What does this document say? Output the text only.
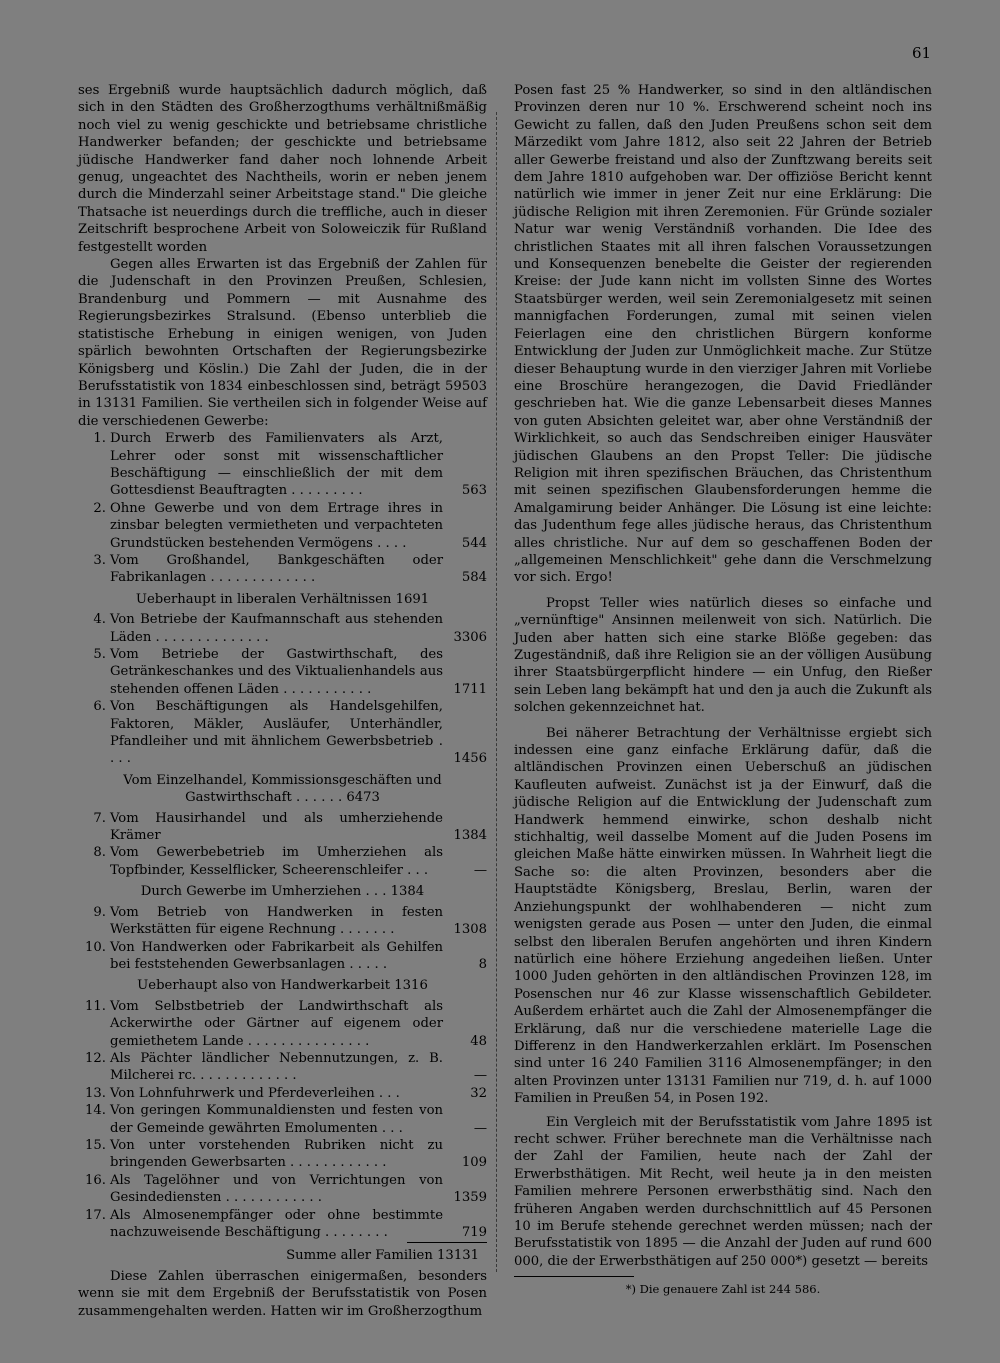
61

ses Ergebniß wurde hauptsächlich dadurch möglich, daß sich in den Städten des Großherzogthums verhältnißmäßig noch viel zu wenig geschickte und betriebsame christliche Handwerker befanden; der geschickte und betriebsame jüdische Handwerker fand daher noch lohnende Arbeit genug, ungeachtet des Nachtheils, worin er neben jenem durch die Minderzahl seiner Arbeitstage stand." Die gleiche Thatsache ist neuerdings durch die treffliche, auch in dieser Zeitschrift besprochene Arbeit von Soloweiczik für Rußland festgestellt worden

Gegen alles Erwarten ist das Ergebniß der Zahlen für die Judenschaft in den Provinzen Preußen, Schlesien, Brandenburg und Pommern — mit Ausnahme des Regierungsbezirkes Stralsund. (Ebenso unterblieb die statistische Erhebung in einigen wenigen, von Juden spärlich bewohnten Ortschaften der Regierungsbezirke Königsberg und Köslin.) Die Zahl der Juden, die in der Berufsstatistik von 1834 einbeschlossen sind, beträgt 59503 in 13131 Familien. Sie vertheilen sich in folgender Weise auf die verschiedenen Gewerbe:

1. Durch Erwerb des Familienvaters als Arzt, Lehrer oder sonst mit wissenschaftlicher Beschäftigung — einschließlich der mit dem Gottesdienst Beauftragten . . . . . . . . .	563
2. Ohne Gewerbe und von dem Ertrage ihres in zinsbar belegten vermietheten und verpachteten Grundstücken bestehenden Vermögens . . . .	544
3. Vom Großhandel, Bankgeschäften oder Fabrikanlagen . . . . . . . . . . . . .	584
Ueberhaupt in liberalen Verhältnissen 1691
4. Von Betriebe der Kaufmannschaft aus stehenden Läden . . . . . . . . . . . . . .	3306
5. Vom Betriebe der Gastwirthschaft, des Getränkeschankes und des Viktualienhandels aus stehenden offenen Läden . . . . . . . . . . .	1711
6. Von Beschäftigungen als Handelsgehilfen, Faktoren, Mäkler, Ausläufer, Unterhändler, Pfandleiher und mit ähnlichem Gewerbsbetrieb . . . .	1456
Vom Einzelhandel, Kommissionsgeschäften und
Gastwirthschaft . . . . . . 6473
7. Vom Hausirhandel und als umherziehende Krämer	1384
8. Vom Gewerbebetrieb im Umherziehen als Topfbinder, Kesselflicker, Scheerenschleifer . . .	—
Durch Gewerbe im Umherziehen . . . 1384
9. Vom Betrieb von Handwerken in festen Werkstätten für eigene Rechnung . . . . . . .	1308
10. Von Handwerken oder Fabrikarbeit als Gehilfen bei feststehenden Gewerbsanlagen . . . . .	8
Ueberhaupt also von Handwerkarbeit 1316
11. Vom Selbstbetrieb der Landwirthschaft als Ackerwirthe oder Gärtner auf eigenem oder gemiethetem Lande . . . . . . . . . . . . . . .	48
12. Als Pächter ländlicher Nebennutzungen, z. B. Milcherei rc. . . . . . . . . . . . .	—
13. Von Lohnfuhrwerk und Pferdeverleihen . . .	32
14. Von geringen Kommunaldiensten und festen von der Gemeinde gewährten Emolumenten . . .	—
15. Von unter vorstehenden Rubriken nicht zu bringenden Gewerbsarten . . . . . . . . . . . .	109
16. Als Tagelöhner und von Verrichtungen von Gesindediensten . . . . . . . . . . . .	1359
17. Als Almosenempfänger oder ohne bestimmte nachzuweisende Beschäftigung . . . . . . . .	719
Summe aller Familien 13131

Diese Zahlen überraschen einigermaßen, besonders wenn sie mit dem Ergebniß der Berufsstatistik von Posen zusammengehalten werden. Hatten wir im Großherzogthum

Posen fast 25 % Handwerker, so sind in den altländischen Provinzen deren nur 10 %. Erschwerend scheint noch ins Gewicht zu fallen, daß den Juden Preußens schon seit dem Märzedikt vom Jahre 1812, also seit 22 Jahren der Betrieb aller Gewerbe freistand und also der Zunftzwang bereits seit dem Jahre 1810 aufgehoben war. Der offiziöse Bericht kennt natürlich wie immer in jener Zeit nur eine Erklärung: Die jüdische Religion mit ihren Zeremonien. Für Gründe sozialer Natur war wenig Verständniß vorhanden. Die Idee des christlichen Staates mit all ihren falschen Voraussetzungen und Konsequenzen benebelte die Geister der regierenden Kreise: der Jude kann nicht im vollsten Sinne des Wortes Staatsbürger werden, weil sein Zeremonialgesetz mit seinen mannigfachen Forderungen, zumal mit seinen vielen Feierlagen eine den christlichen Bürgern konforme Entwicklung der Juden zur Unmöglichkeit mache. Zur Stütze dieser Behauptung wurde in den vierziger Jahren mit Vorliebe eine Broschüre herangezogen, die David Friedländer geschrieben hat. Wie die ganze Lebensarbeit dieses Mannes von guten Absichten geleitet war, aber ohne Verständniß der Wirklichkeit, so auch das Sendschreiben einiger Hausväter jüdischen Glaubens an den Propst Teller: Die jüdische Religion mit ihren spezifischen Bräuchen, das Christenthum mit seinen spezifischen Glaubensforderungen hemme die Amalgamirung beider Anhänger. Die Lösung ist eine leichte: das Judenthum fege alles jüdische heraus, das Christenthum alles christliche. Nur auf dem so geschaffenen Boden der „allgemeinen Menschlichkeit" gehe dann die Verschmelzung vor sich. Ergo!

Propst Teller wies natürlich dieses so einfache und „vernünftige" Ansinnen meilenweit von sich. Natürlich. Die Juden aber hatten sich eine starke Blöße gegeben: das Zugeständniß, daß ihre Religion sie an der völligen Ausübung ihrer Staatsbürgerpflicht hindere — ein Unfug, den Rießer sein Leben lang bekämpft hat und den ja auch die Zukunft als solchen gekennzeichnet hat.

Bei näherer Betrachtung der Verhältnisse ergiebt sich indessen eine ganz einfache Erklärung dafür, daß die altländischen Provinzen einen Ueberschuß an jüdischen Kaufleuten aufweist. Zunächst ist ja der Einwurf, daß die jüdische Religion auf die Entwicklung der Judenschaft zum Handwerk hemmend einwirke, schon deshalb nicht stichhaltig, weil dasselbe Moment auf die Juden Posens im gleichen Maße hätte einwirken müssen. In Wahrheit liegt die Sache so: die alten Provinzen, besonders aber die Hauptstädte Königsberg, Breslau, Berlin, waren der Anziehungspunkt der wohlhabenderen — nicht zum wenigsten gerade aus Posen — unter den Juden, die einmal selbst den liberalen Berufen angehörten und ihren Kindern natürlich eine höhere Erziehung angedeihen ließen. Unter 1000 Juden gehörten in den altländischen Provinzen 128, im Posenschen nur 46 zur Klasse wissenschaftlich Gebildeter. Außerdem erhärtet auch die Zahl der Almosenempfänger die Erklärung, daß nur die verschiedene materielle Lage die Differenz in den Handwerkerzahlen erklärt. Im Posenschen sind unter 16 240 Familien 3116 Almosenempfänger; in den alten Provinzen unter 13131 Familien nur 719, d. h. auf 1000 Familien in Preußen 54, in Posen 192.

Ein Vergleich mit der Berufsstatistik vom Jahre 1895 ist recht schwer. Früher berechnete man die Verhältnisse nach der Zahl der Familien, heute nach der Zahl der Erwerbsthätigen. Mit Recht, weil heute ja in den meisten Familien mehrere Personen erwerbsthätig sind. Nach den früheren Angaben werden durchschnittlich auf 45 Personen 10 im Berufe stehende gerechnet werden müssen; nach der Berufsstatistik von 1895 — die Anzahl der Juden auf rund 600 000, die der Erwerbsthätigen auf 250 000*) gesetzt — bereits

*) Die genauere Zahl ist 244 586.
